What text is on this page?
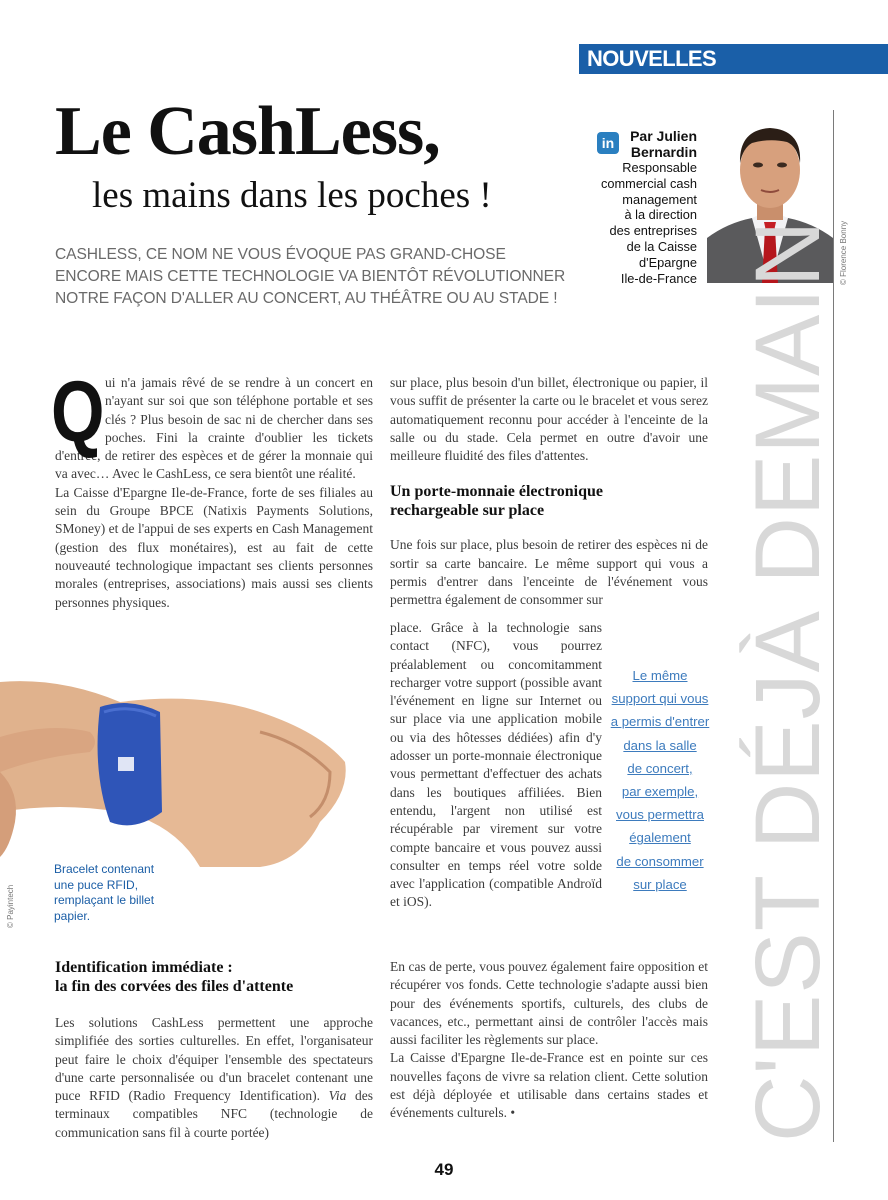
NOUVELLES TECHNOLOGIES
Le CashLess,
les mains dans les poches !
CASHLESS, CE NOM NE VOUS ÉVOQUE PAS GRAND-CHOSE
ENCORE MAIS CETTE TECHNOLOGIE VA BIENTÔT RÉVOLUTIONNER
NOTRE FAÇON D'ALLER AU CONCERT, AU THÉÂTRE OU AU STADE !
in	Par Julien
Bernardin
Responsable
commercial cash
management
à la direction
des entreprises
de la Caisse
d'Epargne
Ile-de-France	© Florence Bonny
C'EST DÉJÀ DEMAIN
Q ui n'a jamais rêvé de se rendre à un concert en n'ayant sur soi que son téléphone portable et ses clés ? Plus besoin de sac ni de chercher dans ses poches. Fini la crainte d'oublier les tickets d'entrée, de retirer des espèces et de gérer la monnaie qui va avec… Avec le CashLess, ce sera bientôt une réalité.

La Caisse d'Epargne Ile-de-France, forte de ses filiales au sein du Groupe BPCE (Natixis Payments Solutions, SMoney) et de l'appui de ses experts en Cash Management (gestion des flux monétaires), est au fait de cette nouveauté technologique impactant ses clients personnes morales (entreprises, associations) mais aussi ses clients personnes physiques.

© Payintech
Bracelet contenant
une puce RFID,
remplaçant le billet
papier.
Identification immédiate :
la fin des corvées des files d'attente

Les solutions CashLess permettent une approche simplifiée des sorties culturelles. En effet, l'organisateur peut faire le choix d'équiper l'ensemble des spectateurs d'une carte personnalisée ou d'un bracelet contenant une puce RFID (Radio Frequency Identification). Via des terminaux compatibles NFC (technologie de communication sans fil à courte portée)

sur place, plus besoin d'un billet, électronique ou papier, il vous suffit de présenter la carte ou le bracelet et vous serez automatiquement reconnu pour accéder à l'enceinte de la salle ou du stade. Cela permet en outre d'avoir une meilleure fluidité des files d'attentes.

Un porte-monnaie électronique
rechargeable sur place

Une fois sur place, plus besoin de retirer des espèces ni de sortir sa carte bancaire. Le même support qui vous a permis d'entrer dans l'enceinte de l'événement vous permettra également de consommer sur

place. Grâce à la technologie sans contact (NFC), vous pourrez préalablement ou concomitamment recharger votre support (possible avant l'événement en ligne sur Internet ou sur place via une application mobile ou via des hôtesses dédiées) afin d'y adosser un porte-monnaie électronique vous permettant d'effectuer des achats dans les boutiques affiliées. Bien entendu, l'argent non utilisé est récupérable par virement sur votre compte bancaire et vous pouvez aussi consulter en temps réel votre solde avec l'application (compatible Androïd et iOS).

Le même
support qui vous
a permis d'entrer
dans la salle
de concert,
par exemple,
vous permettra
également
de consommer
sur place

En cas de perte, vous pouvez également faire opposition et récupérer vos fonds. Cette technologie s'adapte aussi bien pour des événements sportifs, culturels, des clubs de vacances, etc., permettant ainsi de contrôler l'accès mais aussi faciliter les règlements sur place.

La Caisse d'Epargne Ile-de-France est en pointe sur ces nouvelles façons de vivre sa relation client. Cette solution est déjà déployée et utilisable dans certains stades et événements culturels. •

49
